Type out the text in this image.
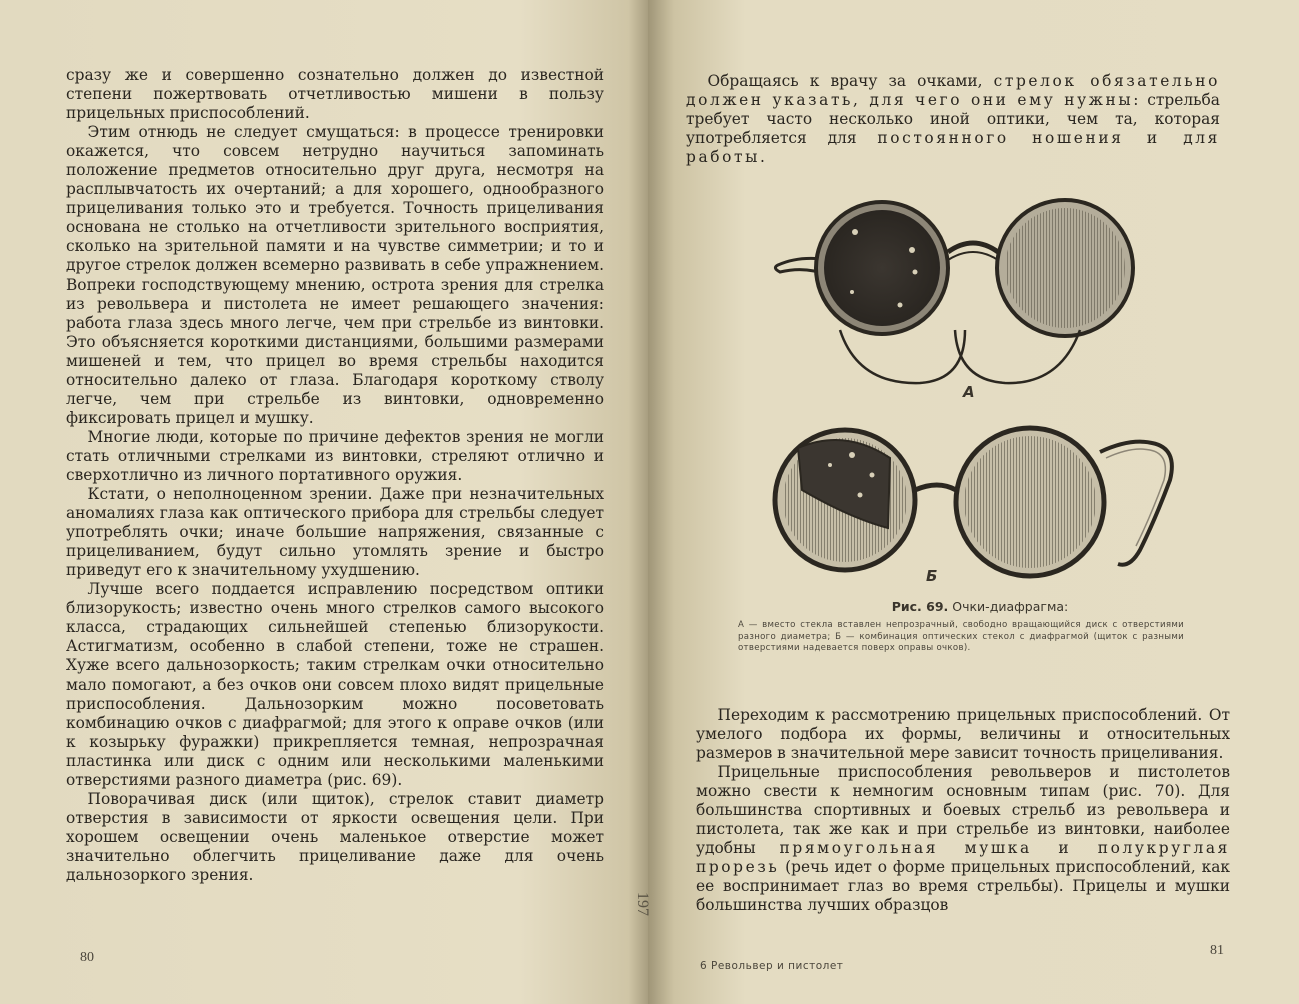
сразу же и совершенно сознательно должен до известной степени пожертвовать отчетливостью мишени в пользу прицельных приспособлений.

Этим отнюдь не следует смущаться: в процессе тренировки окажется, что совсем нетрудно научиться запоминать положение предметов относительно друг друга, несмотря на расплывчатость их очертаний; а для хорошего, однообразного прицеливания только это и требуется. Точность прицеливания основана не столько на отчетливости зрительного восприятия, сколько на зрительной памяти и на чувстве симметрии; и то и другое стрелок должен всемерно развивать в себе упражнением. Вопреки господствующему мнению, острота зрения для стрелка из револьвера и пистолета не имеет решающего значения: работа глаза здесь много легче, чем при стрельбе из винтовки. Это объясняется короткими дистанциями, большими размерами мишеней и тем, что прицел во время стрельбы находится относительно далеко от глаза. Благодаря короткому стволу легче, чем при стрельбе из винтовки, одновременно фиксировать прицел и мушку.

Многие люди, которые по причине дефектов зрения не могли стать отличными стрелками из винтовки, стреляют отлично и сверхотлично из личного портативного оружия.

Кстати, о неполноценном зрении. Даже при незначительных аномалиях глаза как оптического прибора для стрельбы следует употреблять очки; иначе большие напряжения, связанные с прицеливанием, будут сильно утомлять зрение и быстро приведут его к значительному ухудшению.

Лучше всего поддается исправлению посредством оптики близорукость; известно очень много стрелков самого высокого класса, страдающих сильнейшей степенью близорукости. Астигматизм, особенно в слабой степени, тоже не страшен. Хуже всего дальнозоркость; таким стрелкам очки относительно мало помогают, а без очков они совсем плохо видят прицельные приспособления. Дальнозорким можно посоветовать комбинацию очков с диафрагмой; для этого к оправе очков (или к козырьку фуражки) прикрепляется темная, непрозрачная пластинка или диск с одним или несколькими маленькими отверстиями разного диаметра (рис. 69).

Поворачивая диск (или щиток), стрелок ставит диаметр отверстия в зависимости от яркости освещения цели. При хорошем освещении очень маленькое отверстие может значительно облегчить прицеливание даже для очень дальнозоркого зрения.

80
197

Обращаясь к врачу за очками, стрелок обязательно должен указать, для чего они ему нужны: стрельба требует часто несколько иной оптики, чем та, которая употребляется для постоянного ношения и для работы.

А
Б
Рис. 69. Очки-диафрагма:
А — вместо стекла вставлен непрозрачный, свободно вращающийся диск с отверстиями разного диаметра; Б — комбинация оптических стекол с диафрагмой (щиток с разными отверстиями надевается поверх оправы очков).

Переходим к рассмотрению прицельных приспособлений. От умелого подбора их формы, величины и относительных размеров в значительной мере зависит точность прицеливания.

Прицельные приспособления револьверов и пистолетов можно свести к немногим основным типам (рис. 70). Для большинства спортивных и боевых стрельб из револьвера и пистолета, так же как и при стрельбе из винтовки, наиболее удобны прямоугольная мушка и полукруглая прорезь (речь идет о форме прицельных приспособлений, как ее воспринимает глаз во время стрельбы). Прицелы и мушки большинства лучших образцов

6 Револьвер и пистолет
81
